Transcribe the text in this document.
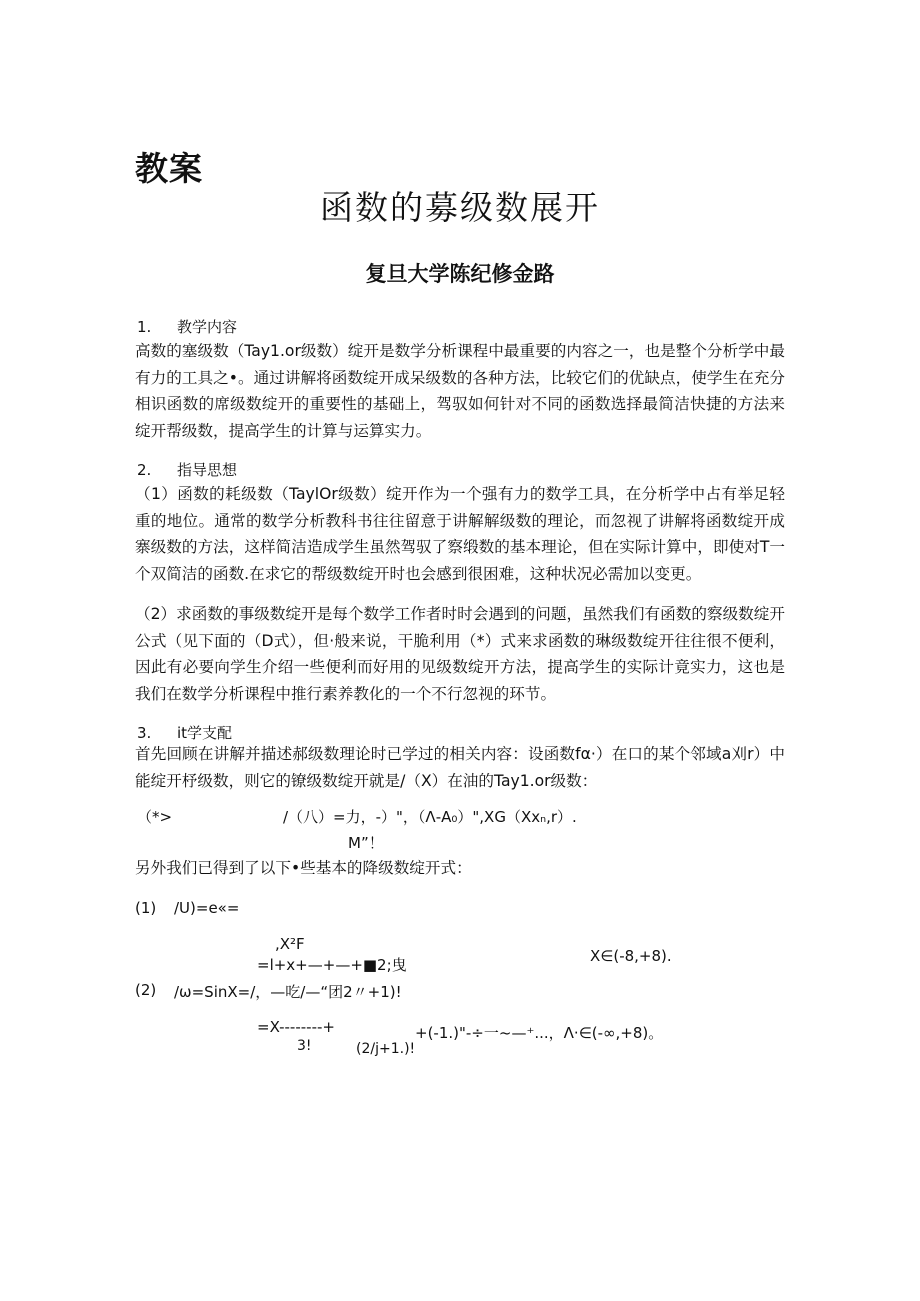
教案
函数的募级数展开
复旦大学陈纪修金路
1. 教学内容
高数的塞级数（Tay1.or级数）绽开是数学分析课程中最重要的内容之一，也是整个分析学中最有力的工具之•。通过讲解将函数绽开成呆级数的各种方法，比较它们的优缺点，使学生在充分相识函数的席级数绽开的重要性的基础上，驾驭如何针对不同的函数选择最简洁快捷的方法来绽开帮级数，提高学生的计算与运算实力。
2. 指导思想
（1）函数的耗级数（TaylOr级数）绽开作为一个强有力的数学工具，在分析学中占有举足轻重的地位。通常的数学分析教科书往往留意于讲解解级数的理论，而忽视了讲解将函数绽开成寨级数的方法，这样简洁造成学生虽然驾驭了察缎数的基本理论，但在实际计算中，即使对T一个双简洁的函数.在求它的帮级数绽开时也会感到很困难，这种状况必需加以变更。
（2）求函数的事级数绽开是每个数学工作者时时会遇到的问题，虽然我们有函数的察级数绽开公式（见下面的（D式），但·般来说，干脆利用（*）式来求函数的琳级数绽开往往很不便利，因此有必要向学生介绍一些便利而好用的见级数绽开方法，提高学生的实际计竟实力，这也是我们在数学分析课程中推行素养教化的一个不行忽视的环节。
3. it学支配
首先回顾在讲解并描述郝级数理论时已学过的相关内容：设函数fα·）在口的某个邻域a刈r）中能绽开杼级数，则它的镣级数绽开就是/（X）在油的Tay1.or级数：
（*>	/（八）=力，-）"，（Λ-A₀）",XG（Xxₙ,r）.
M”！
另外我们已得到了以下•些基本的降级数绽开式：
(1) /U)=e«=
,X²F
=l+x+—+—+■2;曳	X∈(-8,+8).
(2) /ω=SinX=/，—吃/—“团2〃+1)!
=X--------+	+(-1.)"-÷一~—⁺...，Λ·∈(-∞,+8)。
3!	(2/j+1.)!
